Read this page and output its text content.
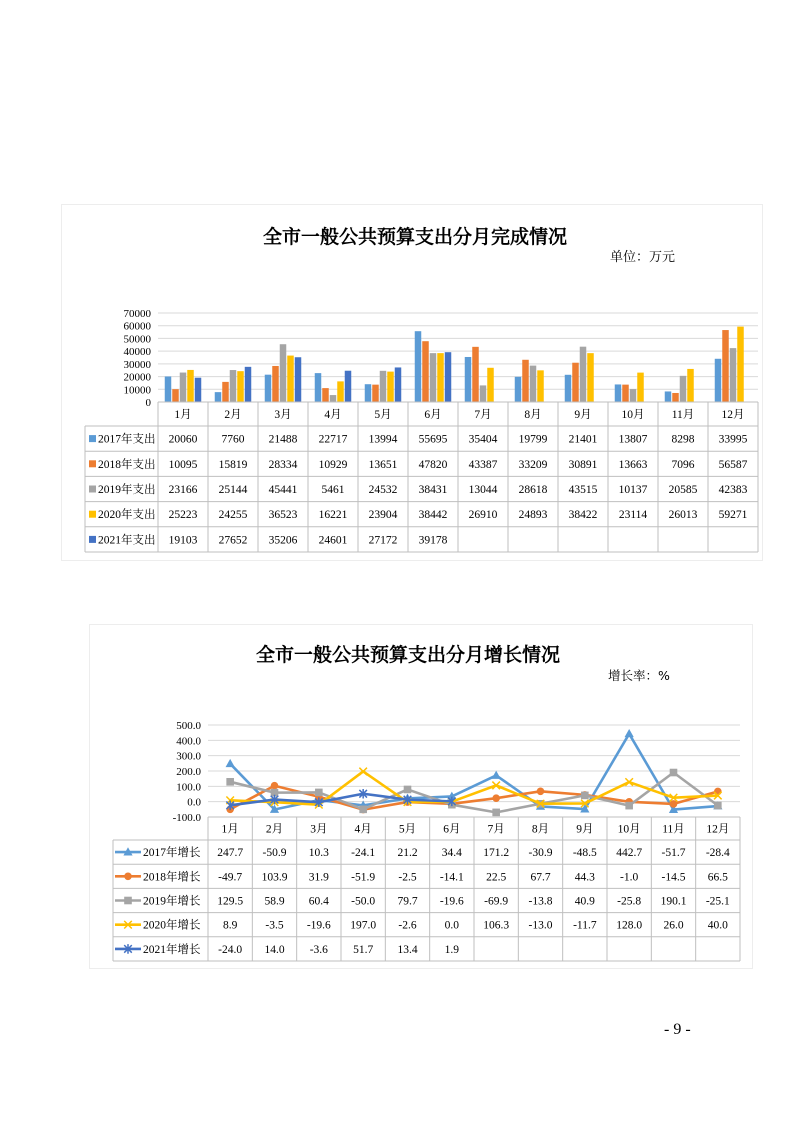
全市一般公共预算支出分月完成情况
单位：万元
0
10000
20000
30000
40000
50000
60000
70000
1月	2月	3月	4月	5月	6月	7月	8月	9月	10月 11月 12月
2017年支出 20060 7760 21488 22717 13994 55695 35404 19799 21401 13807 8298 33995
2018年支出 10095 15819 28334 10929 13651 47820 43387 33209 30891 13663 7096 56587
2019年支出 23166 25144 45441 5461 24532 38431 13044 28618 43515 10137 20585 42383
2020年支出 25223 24255 36523 16221 23904 38442 26910 24893 38422 23114 26013 59271
2021年支出 19103 27652 35206 24601 27172 39178
全市一般公共预算支出分月增长情况
增长率：%
-100.0
0.0
100.0
200.0
300.0
400.0
500.0
1月 2月 3月 4月 5月 6月 7月 8月 9月 10月 11月 12月
2017年增长 247.7 -50.9 10.3 -24.1 21.2 34.4 171.2 -30.9 -48.5 442.7 -51.7 -28.4
2018年增长 -49.7 103.9 31.9 -51.9 -2.5 -14.1 22.5 67.7 44.3 -1.0 -14.5 66.5
2019年增长 129.5 58.9 60.4 -50.0 79.7 -19.6 -69.9 -13.8 40.9 -25.8 190.1 -25.1
2020年增长 8.9 -3.5 -19.6 197.0 -2.6 0.0 106.3 -13.0 -11.7 128.0 26.0 40.0
2021年增长 -24.0 14.0 -3.6 51.7 13.4 1.9
- 9 -
